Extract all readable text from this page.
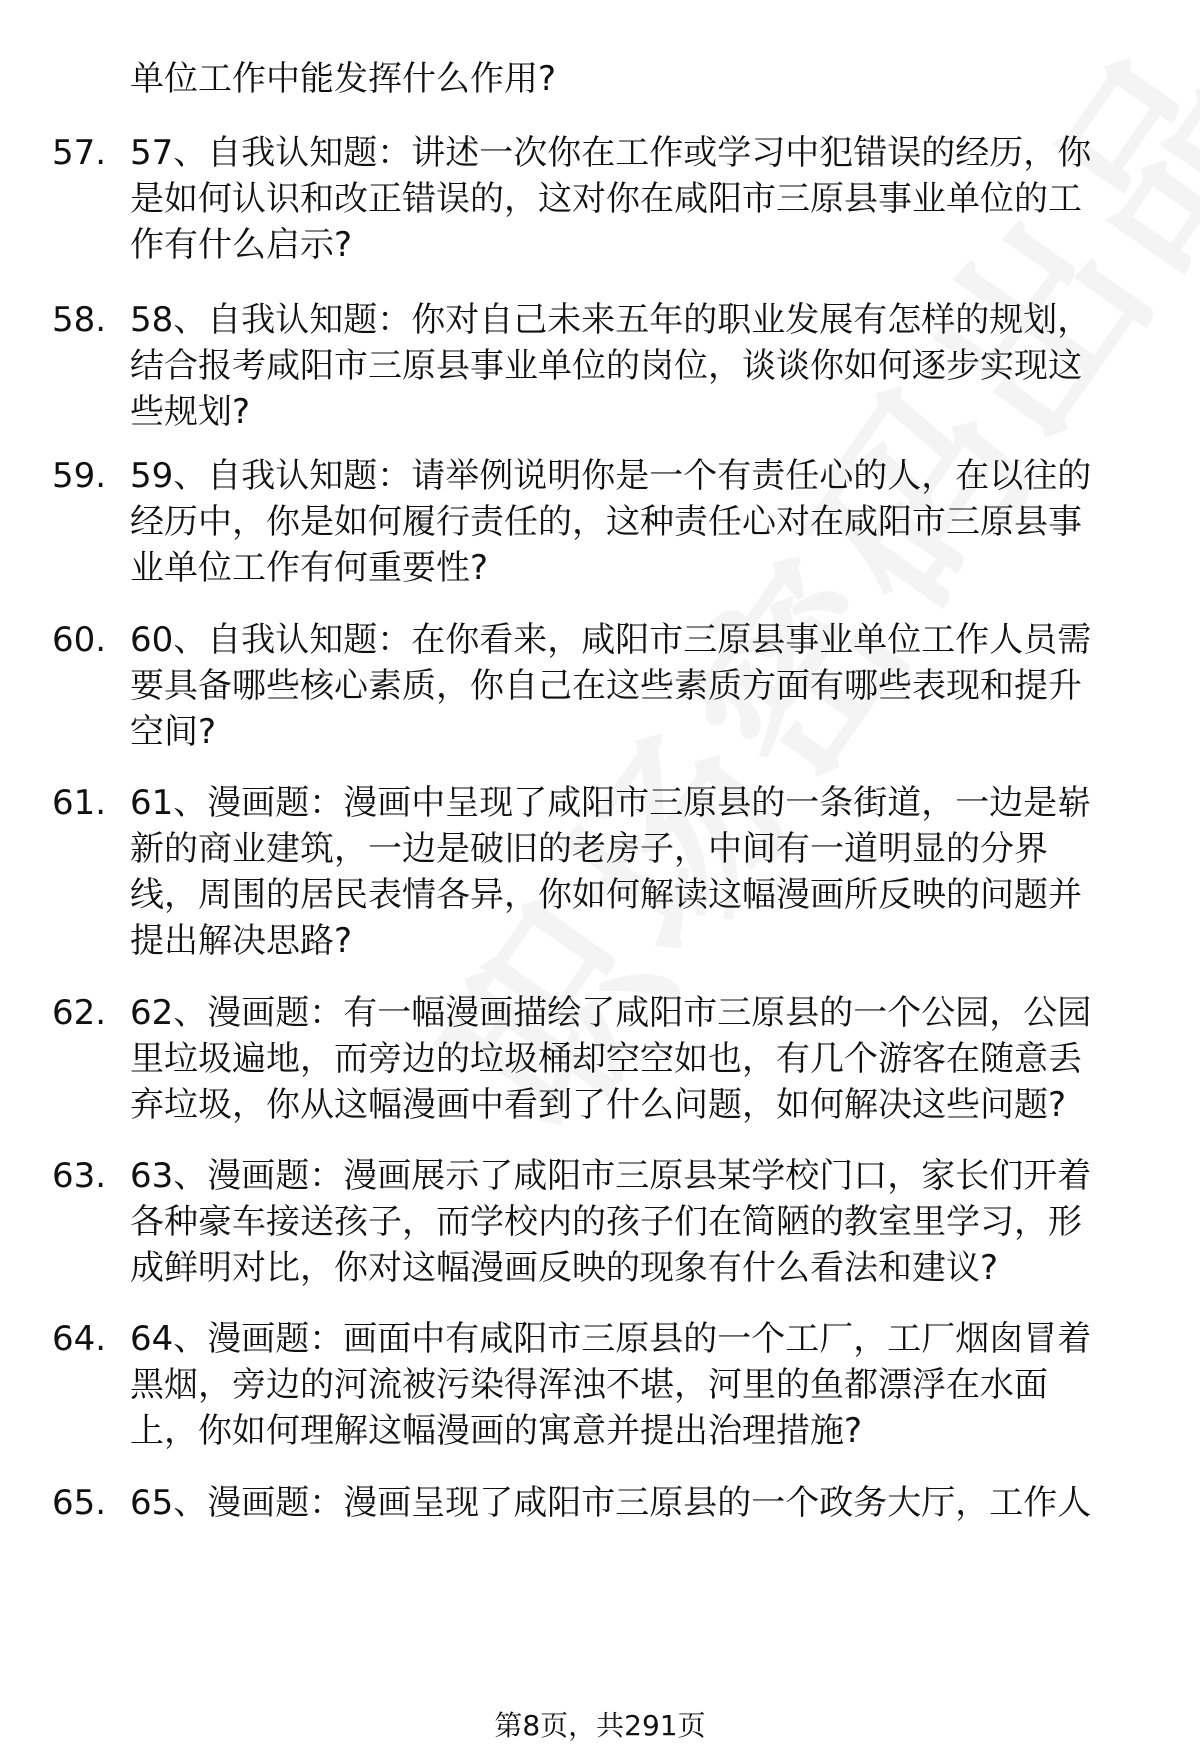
单位工作中能发挥什么作用?
57. 57、自我认知题：讲述一次你在工作或学习中犯错误的经历，你
是如何认识和改正错误的，这对你在咸阳市三原县事业单位的工
作有什么启示?
58. 58、自我认知题：你对自己未来五年的职业发展有怎样的规划，
结合报考咸阳市三原县事业单位的岗位，谈谈你如何逐步实现这
些规划?
59. 59、自我认知题：请举例说明你是一个有责任心的人，在以往的
经历中，你是如何履行责任的，这种责任心对在咸阳市三原县事
业单位工作有何重要性?
60. 60、自我认知题：在你看来，咸阳市三原县事业单位工作人员需
要具备哪些核心素质，你自己在这些素质方面有哪些表现和提升
空间?
61. 61、漫画题：漫画中呈现了咸阳市三原县的一条街道，一边是崭
新的商业建筑，一边是破旧的老房子，中间有一道明显的分界
线，周围的居民表情各异，你如何解读这幅漫画所反映的问题并
提出解决思路?
62. 62、漫画题：有一幅漫画描绘了咸阳市三原县的一个公园，公园
里垃圾遍地，而旁边的垃圾桶却空空如也，有几个游客在随意丢
弃垃圾，你从这幅漫画中看到了什么问题，如何解决这些问题?
63. 63、漫画题：漫画展示了咸阳市三原县某学校门口，家长们开着
各种豪车接送孩子，而学校内的孩子们在简陋的教室里学习，形
成鲜明对比，你对这幅漫画反映的现象有什么看法和建议?
64. 64、漫画题：画面中有咸阳市三原县的一个工厂，工厂烟囱冒着
黑烟，旁边的河流被污染得浑浊不堪，河里的鱼都漂浮在水面
上，你如何理解这幅漫画的寓意并提出治理措施?
65. 65、漫画题：漫画呈现了咸阳市三原县的一个政务大厅，工作人
第8页，共291页
